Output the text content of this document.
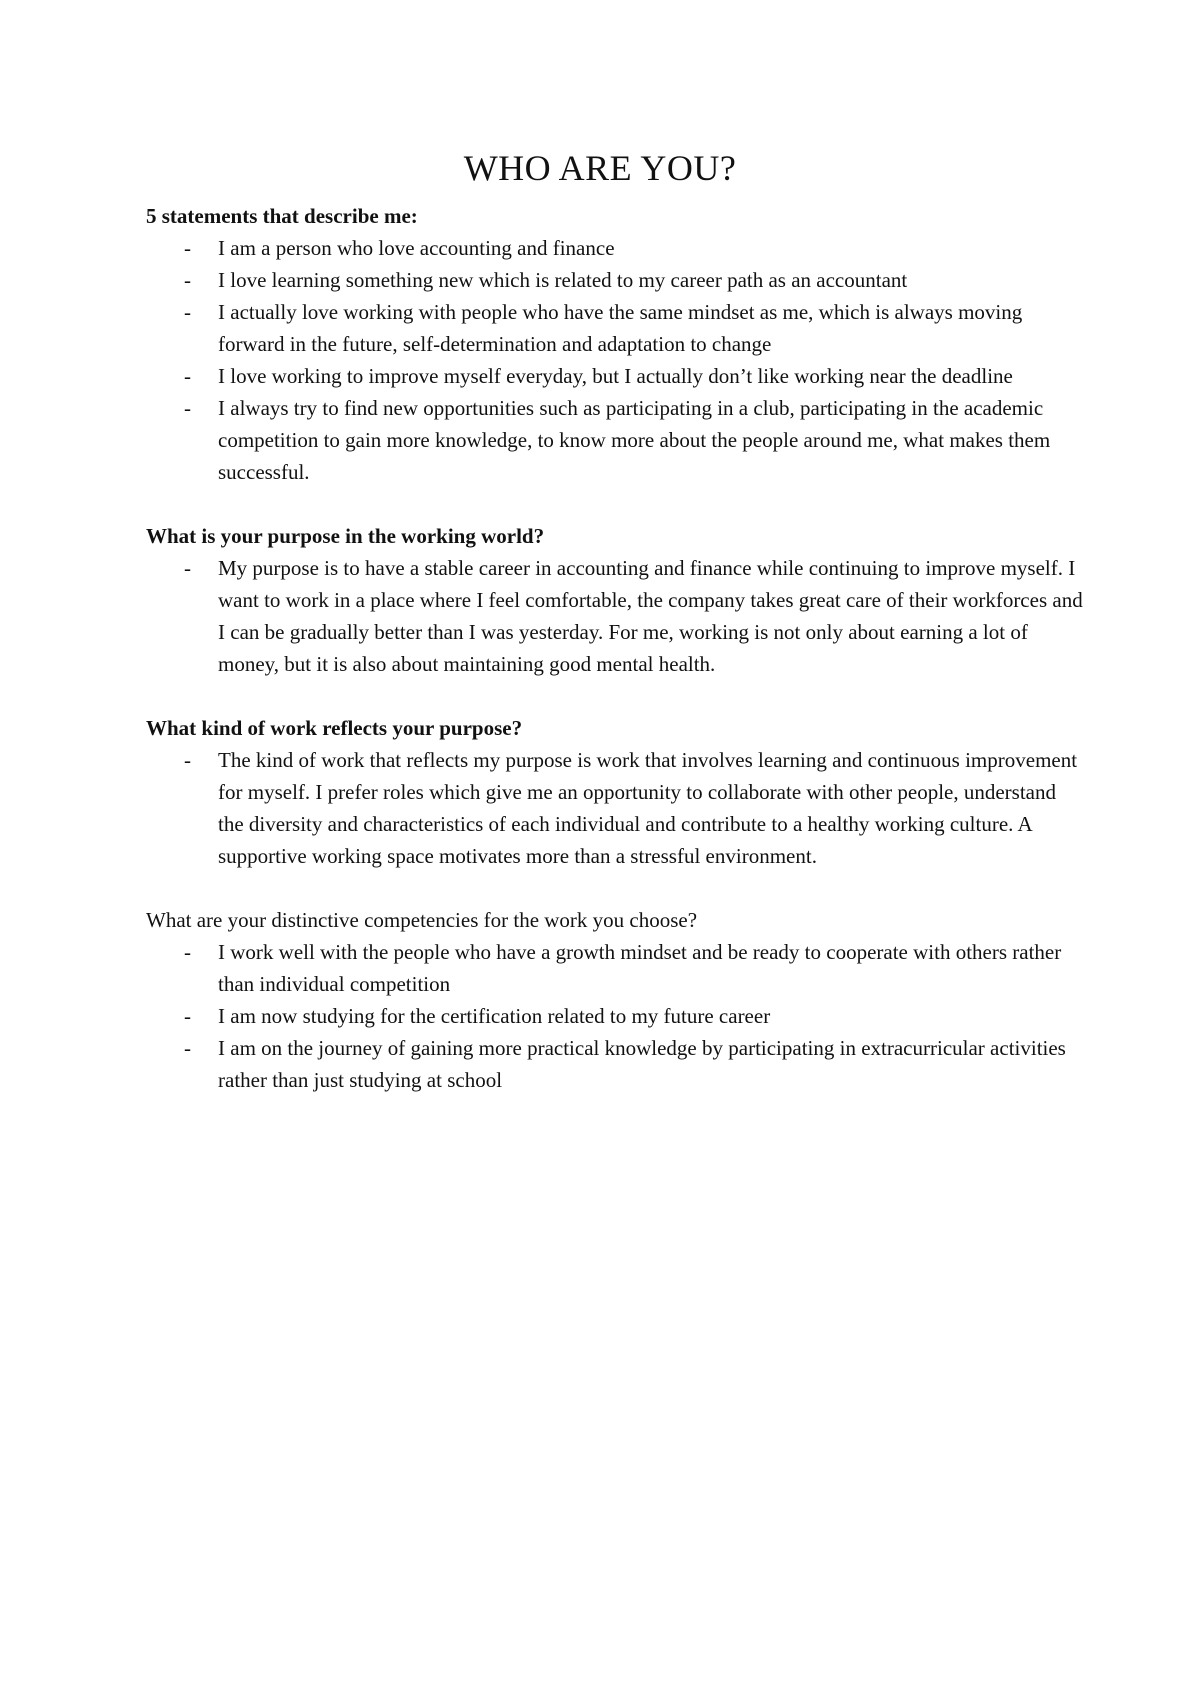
WHO ARE YOU?

5 statements that describe me:

- I am a person who love accounting and finance
- I love learning something new which is related to my career path as an accountant
- I actually love working with people who have the same mindset as me, which is always moving forward in the future, self-determination and adaptation to change
- I love working to improve myself everyday, but I actually don’t like working near the deadline
- I always try to find new opportunities such as participating in a club, participating in the academic competition to gain more knowledge, to know more about the people around me, what makes them successful.

What is your purpose in the working world?

- My purpose is to have a stable career in accounting and finance while continuing to improve myself. I want to work in a place where I feel comfortable, the company takes great care of their workforces and I can be gradually better than I was yesterday. For me, working is not only about earning a lot of money, but it is also about maintaining good mental health.

What kind of work reflects your purpose?

- The kind of work that reflects my purpose is work that involves learning and continuous improvement for myself. I prefer roles which give me an opportunity to collaborate with other people, understand the diversity and characteristics of each individual and contribute to a healthy working culture. A supportive working space motivates more than a stressful environment.

What are your distinctive competencies for the work you choose?

- I work well with the people who have a growth mindset and be ready to cooperate with others rather than individual competition
- I am now studying for the certification related to my future career
- I am on the journey of gaining more practical knowledge by participating in extracurricular activities rather than just studying at school
